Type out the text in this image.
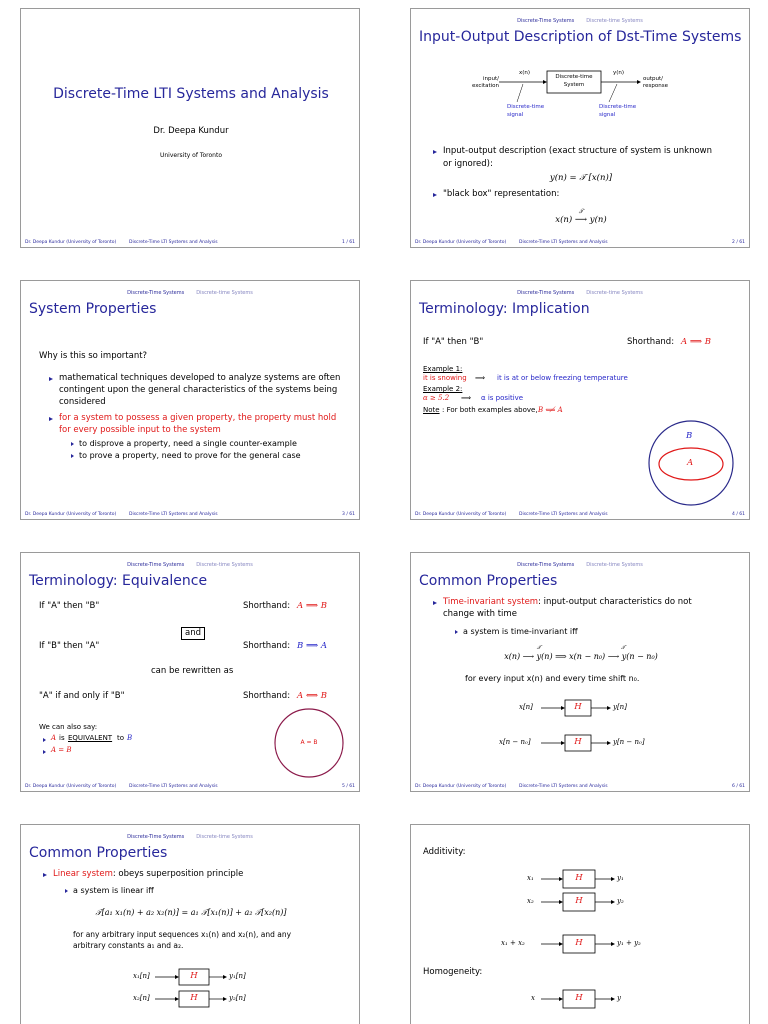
Discrete-Time LTI Systems and Analysis
Dr. Deepa Kundur
University of Toronto
Dr. Deepa Kundur (University of Toronto)	Discrete-Time LTI Systems and Analysis	1 / 61
Discrete-Time Systems Discrete-time Systems
Input-Output Description of Dst-Time Systems
x(n)	y(n)
input/
excitation
Discrete-time
System
output/
response
Discrete-time
signal
Discrete-time
signal
Input-output description (exact structure of system is unknown
or ignored):
y(n) = 𝒯 [x(n)]
"black box" representation:
𝒯
x(n) ⟶ y(n)
Dr. Deepa Kundur (University of Toronto)	Discrete-Time LTI Systems and Analysis	2 / 61
Discrete-Time Systems Discrete-time Systems
System Properties
Why is this so important?
mathematical techniques developed to analyze systems are often
contingent upon the general characteristics of the systems being
considered
for a system to possess a given property, the property must hold
for every possible input to the system
to disprove a property, need a single counter-example
to prove a property, need to prove for the general case
Dr. Deepa Kundur (University of Toronto)	Discrete-Time LTI Systems and Analysis	3 / 61
Discrete-Time Systems Discrete-time Systems
Terminology: Implication
If "A" then "B"	Shorthand: A ⟹ B
Example 1:
it is snowing ⟹ it is at or below freezing temperature
Example 2:
α ≥ 5.2 ⟹ α is positive
Note : For both examples above, B ⟸̸ A
B
A
Dr. Deepa Kundur (University of Toronto)	Discrete-Time LTI Systems and Analysis	4 / 61
Discrete-Time Systems Discrete-time Systems
Terminology: Equivalence
If "A" then "B"	Shorthand: A ⟹ B
and
If "B" then "A"	Shorthand: B ⟹ A
can be rewritten as
"A" if and only if "B"	Shorthand: A ⟺ B
We can also say:
A is EQUIVALENT to B
A = B
A = B
Dr. Deepa Kundur (University of Toronto)	Discrete-Time LTI Systems and Analysis	5 / 61
Discrete-Time Systems Discrete-time Systems
Common Properties
Time-invariant system: input-output characteristics do not
change with time
a system is time-invariant iff
𝒯	𝒯
x(n) ⟶ y(n) ⟹ x(n − n₀) ⟶ y(n − n₀)
for every input x(n) and every time shift n₀.
x[n]	H	y[n]
x[n − n₀]	H	y[n − n₀]
Dr. Deepa Kundur (University of Toronto)	Discrete-Time LTI Systems and Analysis	6 / 61
Discrete-Time Systems Discrete-time Systems
Common Properties
Linear system: obeys superposition principle
a system is linear iff
𝒯[a₁ x₁(n) + a₂ x₂(n)] = a₁ 𝒯[x₁(n)] + a₂ 𝒯[x₂(n)]
for any arbitrary input sequences x₁(n) and x₂(n), and any
arbitrary constants a₁ and a₂.
x₁[n]	H	y₁[n]
x₂[n]	H	y₂[n]
Additivity:
x₁	H	y₁
x₂	H	y₂
x₁ + x₂	H	y₁ + y₂
Homogeneity:
x	H	y
